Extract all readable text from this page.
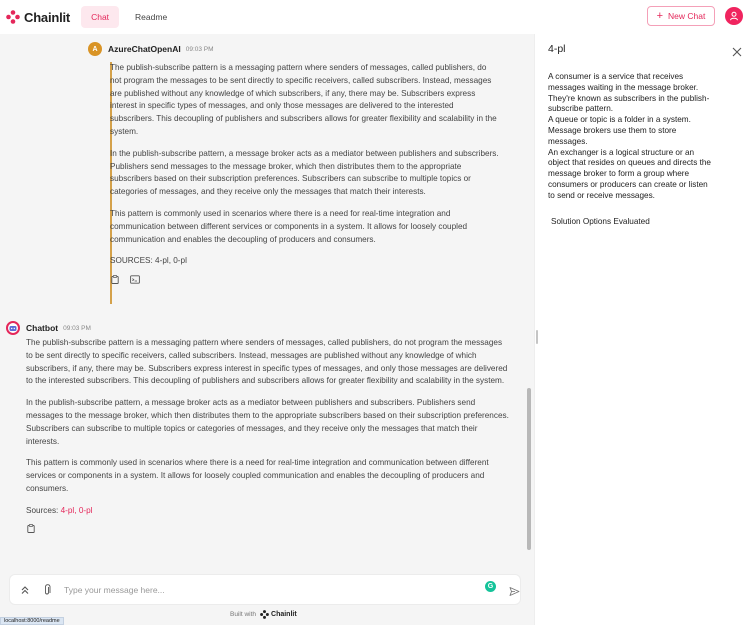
Chainlit	Chat	Readme	+ New Chat
A	AzureChatOpenAI 09:03 PM

The publish-subscribe pattern is a messaging pattern where senders of messages, called publishers, do not program the messages to be sent directly to specific receivers, called subscribers. Instead, messages are published without any knowledge of which subscribers, if any, there may be. Subscribers express interest in specific types of messages, and only those messages are delivered to the interested subscribers. This decoupling of publishers and subscribers allows for greater flexibility and scalability in the system.

In the publish-subscribe pattern, a message broker acts as a mediator between publishers and subscribers. Publishers send messages to the message broker, which then distributes them to the appropriate subscribers based on their subscription preferences. Subscribers can subscribe to multiple topics or categories of messages, and they receive only the messages that match their interests.

This pattern is commonly used in scenarios where there is a need for real-time integration and communication between different services or components in a system. It allows for loosely coupled communication and enables the decoupling of producers and consumers.

SOURCES: 4-pl, 0-pl
Chatbot 09:03 PM

The publish-subscribe pattern is a messaging pattern where senders of messages, called publishers, do not program the messages to be sent directly to specific receivers, called subscribers. Instead, messages are published without any knowledge of which subscribers, if any, there may be. Subscribers express interest in specific types of messages, and only those messages are delivered to the interested subscribers. This decoupling of publishers and subscribers allows for greater flexibility and scalability in the system.

In the publish-subscribe pattern, a message broker acts as a mediator between publishers and subscribers. Publishers send messages to the message broker, which then distributes them to the appropriate subscribers based on their subscription preferences. Subscribers can subscribe to multiple topics or categories of messages, and they receive only the messages that match their interests.

This pattern is commonly used in scenarios where there is a need for real-time integration and communication between different services or components in a system. It allows for loosely coupled communication and enables the decoupling of producers and consumers.

Sources: 4-pl, 0-pl
Type your message here...	G
Built with Chainlit
localhost:8000/readme
4-pl
A consumer is a service that receives
messages waiting in the message broker.
They're known as subscribers in the publish-
subscribe pattern.
A queue or topic is a folder in a system.
Message brokers use them to store
messages.
An exchanger is a logical structure or an
object that resides on queues and directs the
message broker to form a group where
consumers or producers can create or listen
to send or receive messages.
Solution Options Evaluated
